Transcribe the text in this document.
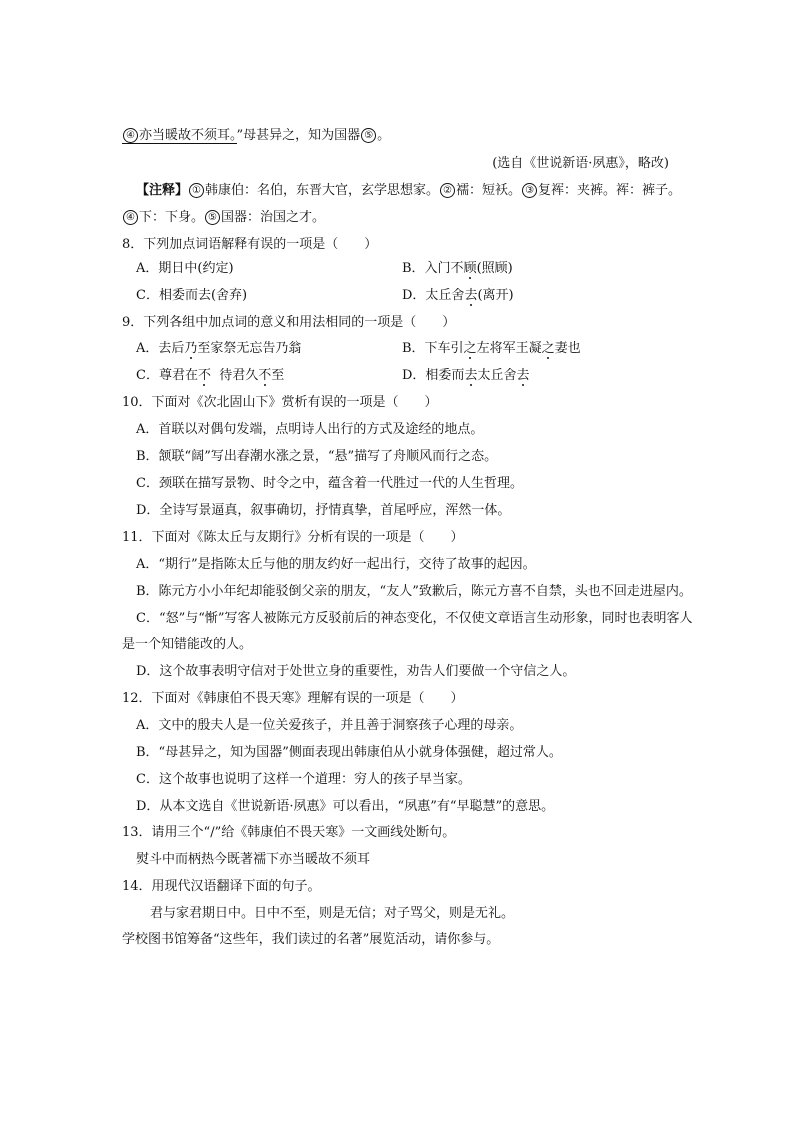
④ 亦当暖故不须耳。”母甚异之，知为国器 ⑤ 。
(选自《世说新语·夙惠》，略改)
【注释】 ① 韩康伯：名伯，东晋大官，玄学思想家。 ② 襦：短袄。 ③ 复裈：夹裤。裈：裤子。
④ 下：下身。 ⑤ 国器：治国之才。
8．下列加点词语解释有误的一项是（　　）
A．期日中(约定)	B．入门不顾(照顾)
C．相委而去(舍弃)	D．太丘舍去(离开)
9．下列各组中加点词的意义和用法相同的一项是（　　）
A．去后乃至家祭无忘告乃翁	B．下车引之左将军王凝之妻也
C．尊君在不  待君久不至	D．相委而去太丘舍去
10．下面对《次北固山下》赏析有误的一项是（　　）
A．首联以对偶句发端，点明诗人出行的方式及途经的地点。
B．颔联“阔”写出春潮水涨之景，“悬”描写了舟顺风而行之态。
C．颈联在描写景物、时令之中，蕴含着一代胜过一代的人生哲理。
D．全诗写景逼真，叙事确切，抒情真挚，首尾呼应，浑然一体。
11．下面对《陈太丘与友期行》分析有误的一项是（　　）
A．“期行”是指陈太丘与他的朋友约好一起出行，交待了故事的起因。
B．陈元方小小年纪却能驳倒父亲的朋友，“友人”致歉后，陈元方喜不自禁，头也不回走进屋内。
C．“怒”与“惭”写客人被陈元方反驳前后的神态变化，不仅使文章语言生动形象，同时也表明客人
是一个知错能改的人。
D．这个故事表明守信对于处世立身的重要性，劝告人们要做一个守信之人。
12．下面对《韩康伯不畏天寒》理解有误的一项是（　　）
A．文中的殷夫人是一位关爱孩子，并且善于洞察孩子心理的母亲。
B．“母甚异之，知为国器”侧面表现出韩康伯从小就身体强健，超过常人。
C．这个故事也说明了这样一个道理：穷人的孩子早当家。
D．从本文选自《世说新语·夙惠》可以看出，“夙惠”有“早聪慧”的意思。
13．请用三个“/”给《韩康伯不畏天寒》一文画线处断句。
熨斗中而柄热今既著襦下亦当暖故不须耳
14．用现代汉语翻译下面的句子。
君与家君期日中。日中不至，则是无信；对子骂父，则是无礼。
学校图书馆筹备“这些年，我们读过的名著”展览活动，请你参与。
